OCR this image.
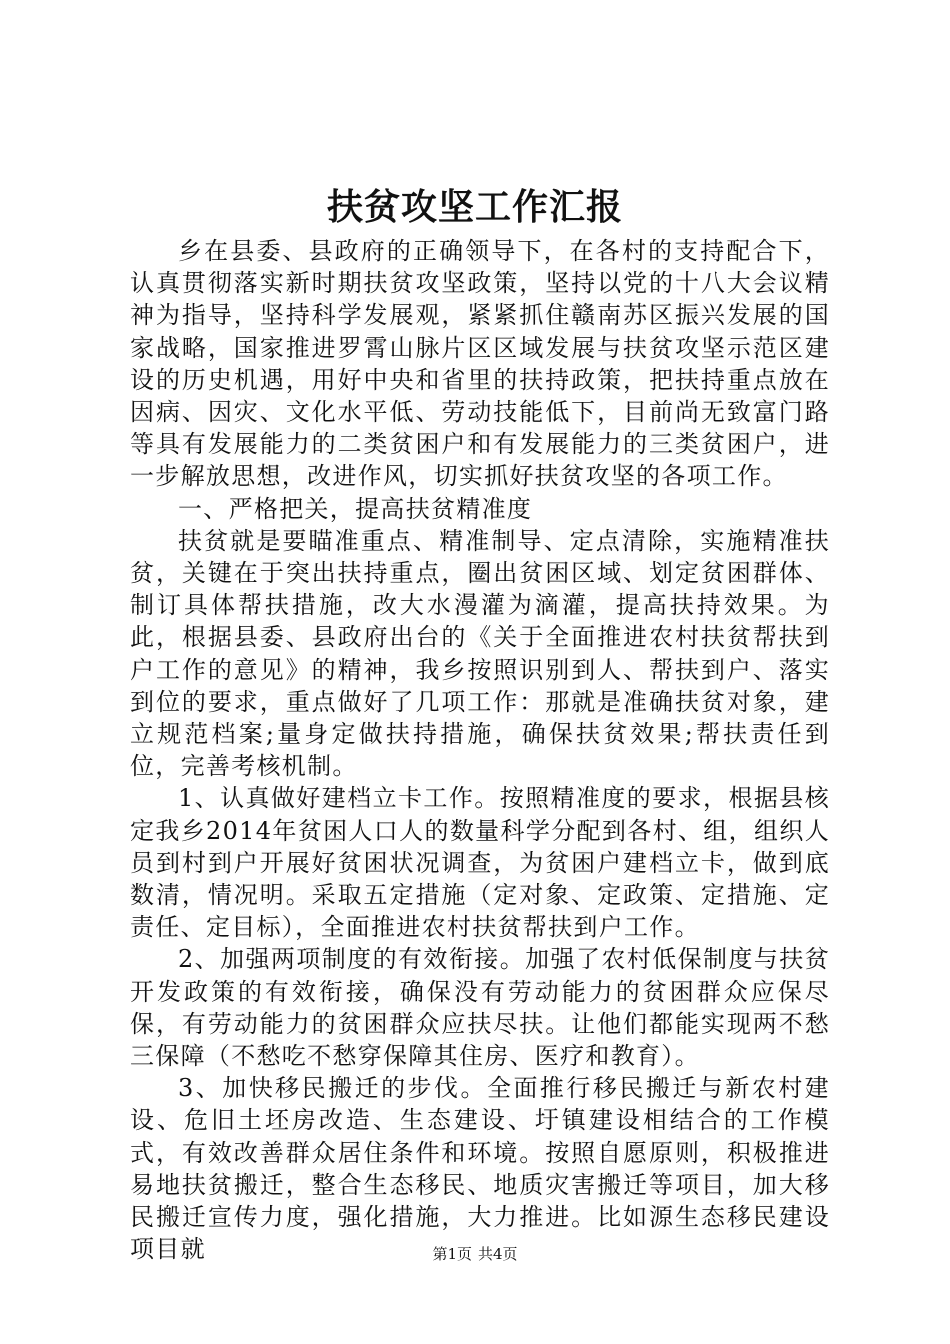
扶贫攻坚工作汇报

乡在县委、县政府的正确领导下，在各村的支持配合下，认真贯彻落实新时期扶贫攻坚政策，坚持以党的十八大会议精神为指导，坚持科学发展观，紧紧抓住赣南苏区振兴发展的国家战略，国家推进罗霄山脉片区区域发展与扶贫攻坚示范区建设的历史机遇，用好中央和省里的扶持政策，把扶持重点放在因病、因灾、文化水平低、劳动技能低下，目前尚无致富门路等具有发展能力的二类贫困户和有发展能力的三类贫困户，进一步解放思想，改进作风，切实抓好扶贫攻坚的各项工作。

一、严格把关，提高扶贫精准度

扶贫就是要瞄准重点、精准制导、定点清除，实施精准扶贫，关键在于突出扶持重点，圈出贫困区域、划定贫困群体、制订具体帮扶措施，改大水漫灌为滴灌，提高扶持效果。为此，根据县委、县政府出台的《关于全面推进农村扶贫帮扶到户工作的意见》的精神，我乡按照识别到人、帮扶到户、落实到位的要求，重点做好了几项工作：那就是准确扶贫对象，建立规范档案;量身定做扶持措施，确保扶贫效果;帮扶责任到位，完善考核机制。

1、认真做好建档立卡工作。按照精准度的要求，根据县核定我乡2014年贫困人口人的数量科学分配到各村、组，组织人员到村到户开展好贫困状况调查，为贫困户建档立卡，做到底数清，情况明。采取五定措施（定对象、定政策、定措施、定责任、定目标），全面推进农村扶贫帮扶到户工作。

2、加强两项制度的有效衔接。加强了农村低保制度与扶贫开发政策的有效衔接，确保没有劳动能力的贫困群众应保尽保，有劳动能力的贫困群众应扶尽扶。让他们都能实现两不愁三保障（不愁吃不愁穿保障其住房、医疗和教育）。

3、加快移民搬迁的步伐。全面推行移民搬迁与新农村建设、危旧土坯房改造、生态建设、圩镇建设相结合的工作模式，有效改善群众居住条件和环境。按照自愿原则，积极推进易地扶贫搬迁，整合生态移民、地质灾害搬迁等项目，加大移民搬迁宣传力度，强化措施，大力推进。比如源生态移民建设项目就	第1页 共4页
